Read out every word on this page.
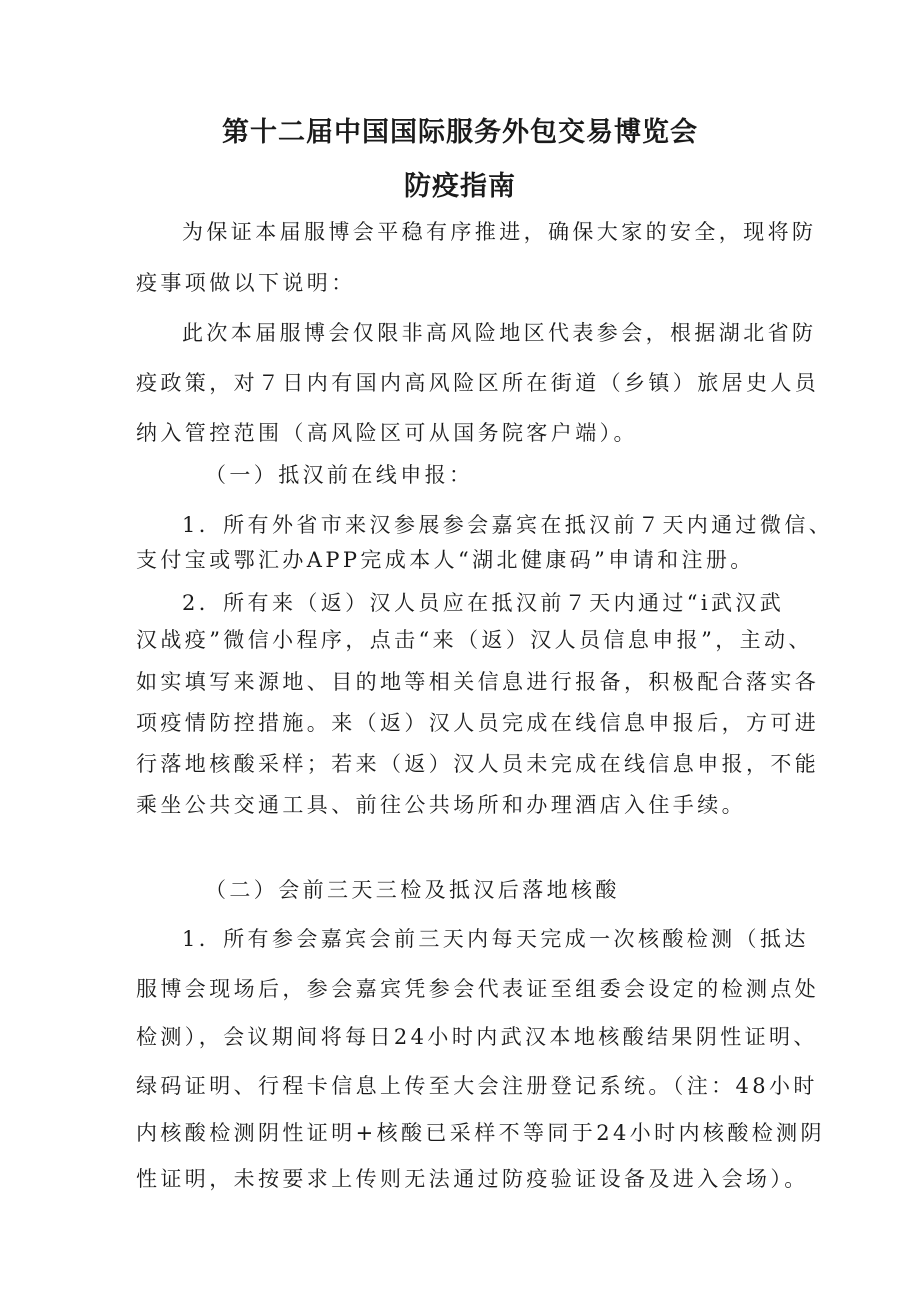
第十二届中国国际服务外包交易博览会
防疫指南

为保证本届服博会平稳有序推进，确保大家的安全，现将防

疫事项做以下说明：

此次本届服博会仅限非高风险地区代表参会，根据湖北省防

疫政策，对７日内有国内高风险区所在街道（乡镇）旅居史人员

纳入管控范围（高风险区可从国务院客户端）。

（一）抵汉前在线申报：

1．所有外省市来汉参展参会嘉宾在抵汉前７天内通过微信、

支付宝或鄂汇办APP完成本人“湖北健康码”申请和注册。

2．所有来（返）汉人员应在抵汉前７天内通过“i武汉武

汉战疫”微信小程序，点击“来（返）汉人员信息申报”，主动、

如实填写来源地、目的地等相关信息进行报备，积极配合落实各

项疫情防控措施。来（返）汉人员完成在线信息申报后，方可进

行落地核酸采样；若来（返）汉人员未完成在线信息申报，不能

乘坐公共交通工具、前往公共场所和办理酒店入住手续。

（二）会前三天三检及抵汉后落地核酸

1．所有参会嘉宾会前三天内每天完成一次核酸检测（抵达

服博会现场后，参会嘉宾凭参会代表证至组委会设定的检测点处

检测），会议期间将每日24小时内武汉本地核酸结果阴性证明、

绿码证明、行程卡信息上传至大会注册登记系统。（注：48小时

内核酸检测阴性证明+核酸已采样不等同于24小时内核酸检测阴

性证明，未按要求上传则无法通过防疫验证设备及进入会场）。
